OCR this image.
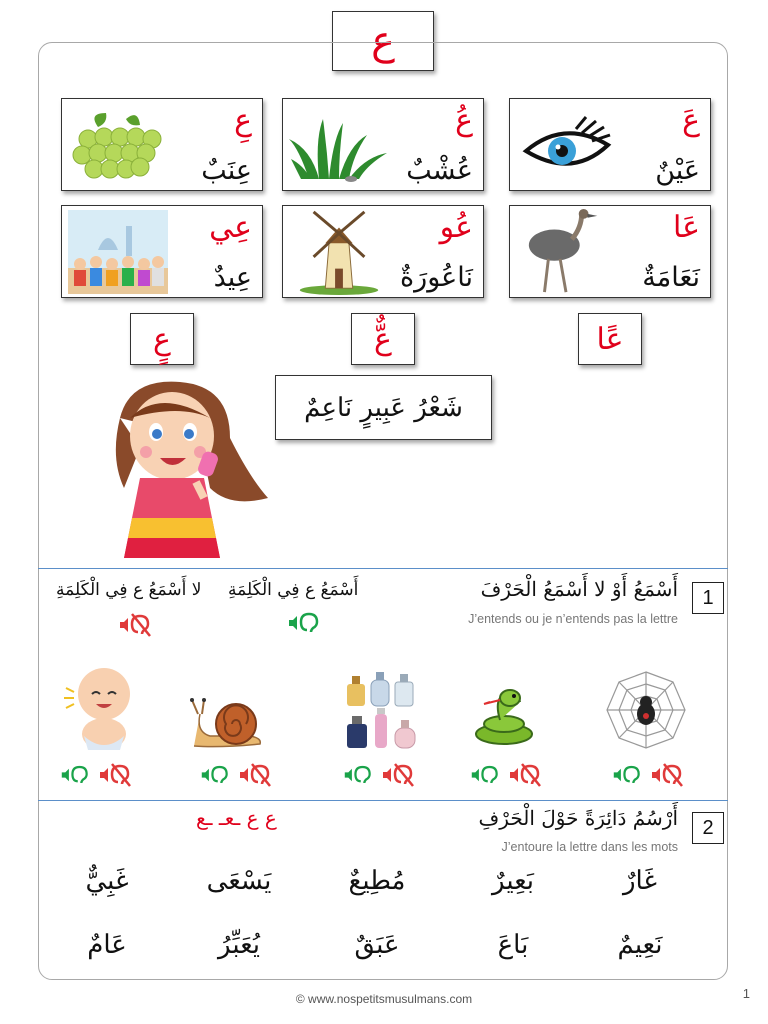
ع
عَ
عَيْنٌ
عُ
عُشْبٌ
عِ
عِنَبٌ
عَا
نَعَامَةٌ
عُو
نَاعُورَةٌ
عِي
عِيدٌ
عًا
عٌّ
عٍ
شَعْرُ عَبِيرٍ نَاعِمٌ
1
أَسْمَعُ أَوْ لا أَسْمَعُ الْحَرْفَ
J’entends ou je n’entends pas la lettre
أَسْمَعُ ع فِي الْكَلِمَةِ
لا أَسْمَعُ ع فِي الْكَلِمَةِ
2
أَرْسُمُ دَائِرَةً حَوْلَ الْحَرْفِ
J’entoure la lettre dans les mots
ع ع ـعـ ـع
غَارٌ
بَعِيرٌ
مُطِيعٌ
يَسْعَى
غَبِيٌّ
نَعِيمٌ
بَاعَ
عَبَقٌ
يُعَبِّرُ
عَامٌ
© www.nospetitsmusulmans.com	1
